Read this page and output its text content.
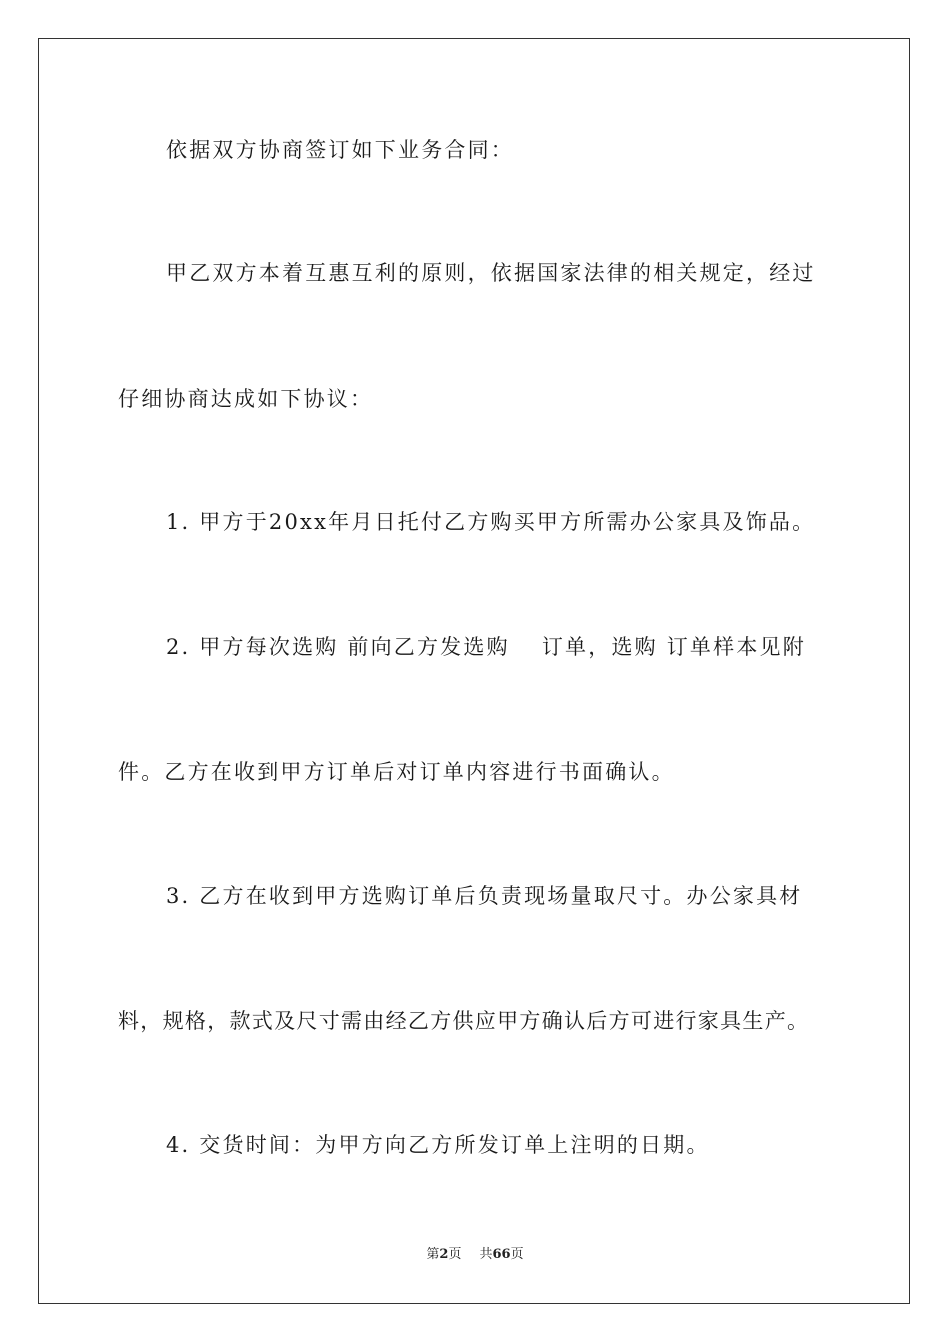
依据双方协商签订如下业务合同：
甲乙双方本着互惠互利的原则，依据国家法律的相关规定，经过
仔细协商达成如下协议：
1. 甲方于20xx年月日托付乙方购买甲方所需办公家具及饰品。
2. 甲方每次选购 前向乙方发选购　 订单，选购 订单样本见附
件。乙方在收到甲方订单后对订单内容进行书面确认。
3. 乙方在收到甲方选购订单后负责现场量取尺寸。办公家具材
料，规格，款式及尺寸需由经乙方供应甲方确认后方可进行家具生产。
4. 交货时间：为甲方向乙方所发订单上注明的日期。
第2页 共66页
